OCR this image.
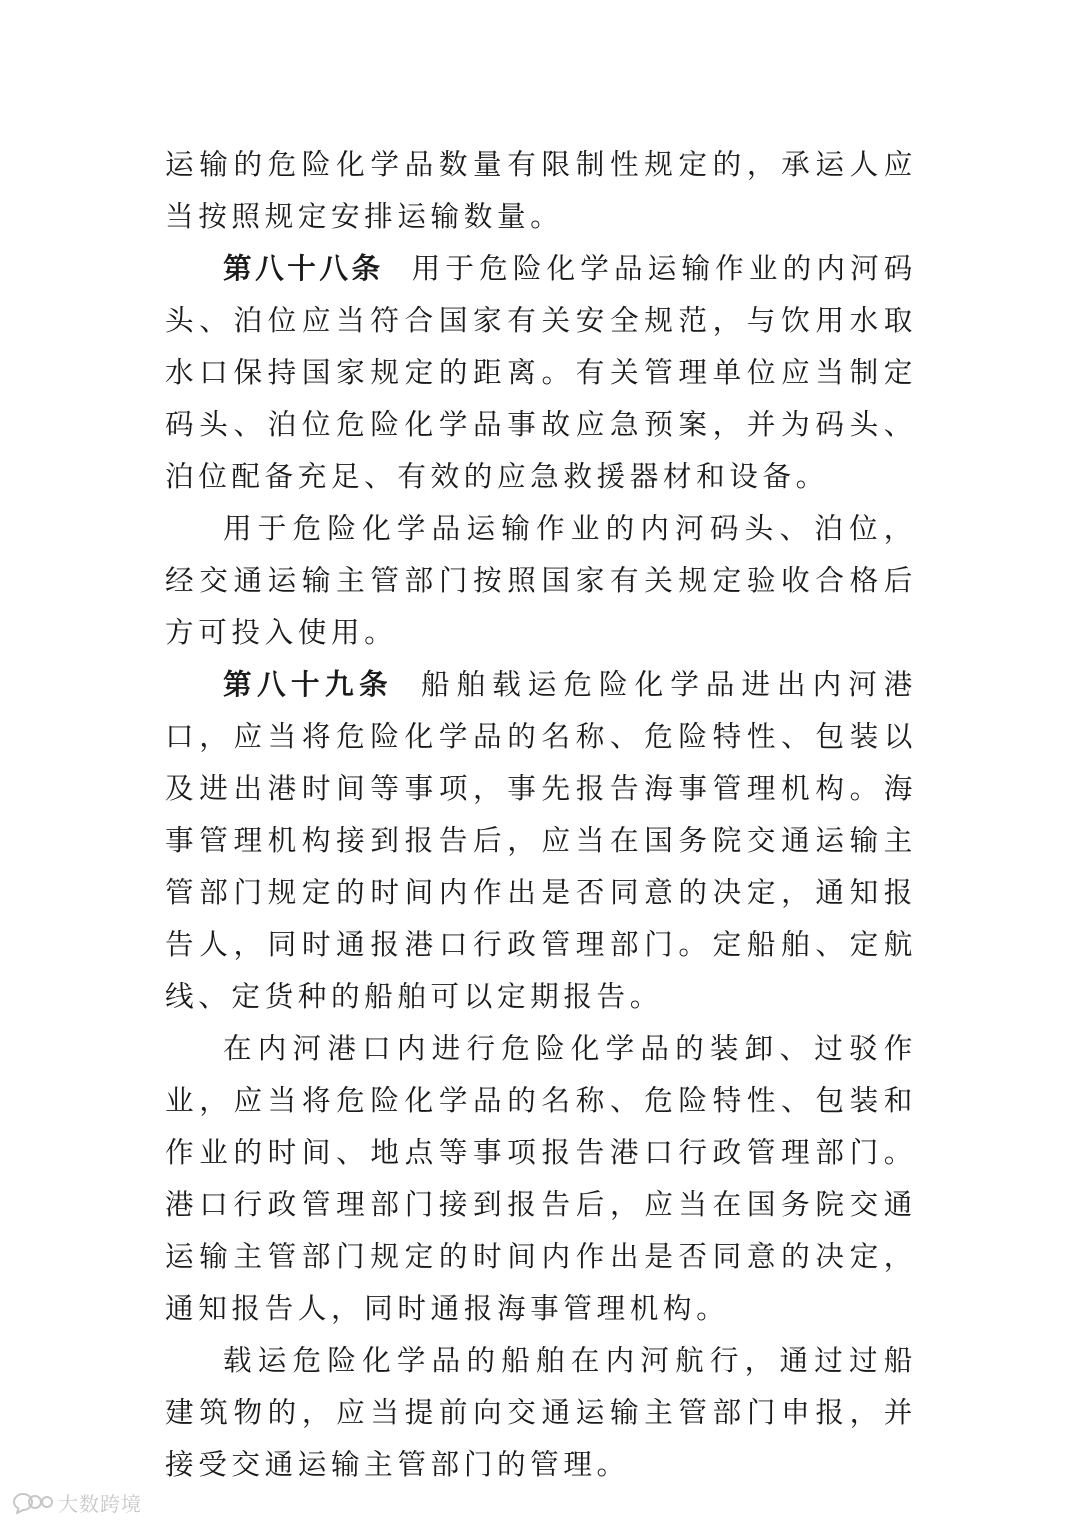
运输的危险化学品数量有限制性规定的，承运人应当按照规定安排运输数量。

第八十八条 用于危险化学品运输作业的内河码头、泊位应当符合国家有关安全规范，与饮用水取水口保持国家规定的距离。有关管理单位应当制定码头、泊位危险化学品事故应急预案，并为码头、泊位配备充足、有效的应急救援器材和设备。

用于危险化学品运输作业的内河码头、泊位，经交通运输主管部门按照国家有关规定验收合格后方可投入使用。

第八十九条 船舶载运危险化学品进出内河港口，应当将危险化学品的名称、危险特性、包装以及进出港时间等事项，事先报告海事管理机构。海事管理机构接到报告后，应当在国务院交通运输主管部门规定的时间内作出是否同意的决定，通知报告人，同时通报港口行政管理部门。定船舶、定航线、定货种的船舶可以定期报告。

在内河港口内进行危险化学品的装卸、过驳作业，应当将危险化学品的名称、危险特性、包装和作业的时间、地点等事项报告港口行政管理部门。港口行政管理部门接到报告后，应当在国务院交通运输主管部门规定的时间内作出是否同意的决定，通知报告人，同时通报海事管理机构。

载运危险化学品的船舶在内河航行，通过过船建筑物的，应当提前向交通运输主管部门申报，并接受交通运输主管部门的管理。

大数跨境
